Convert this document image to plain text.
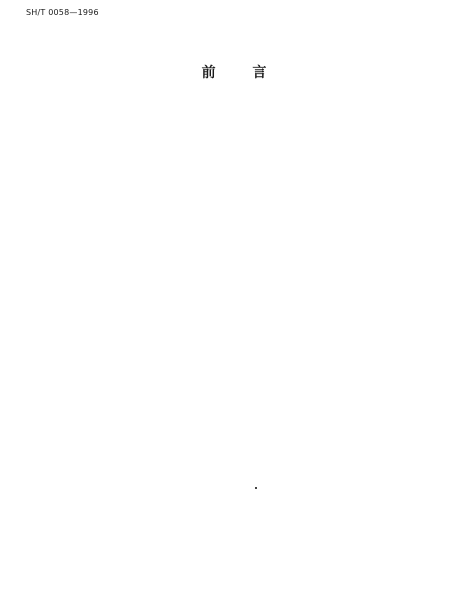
SH/T 0058—1996
前 言
